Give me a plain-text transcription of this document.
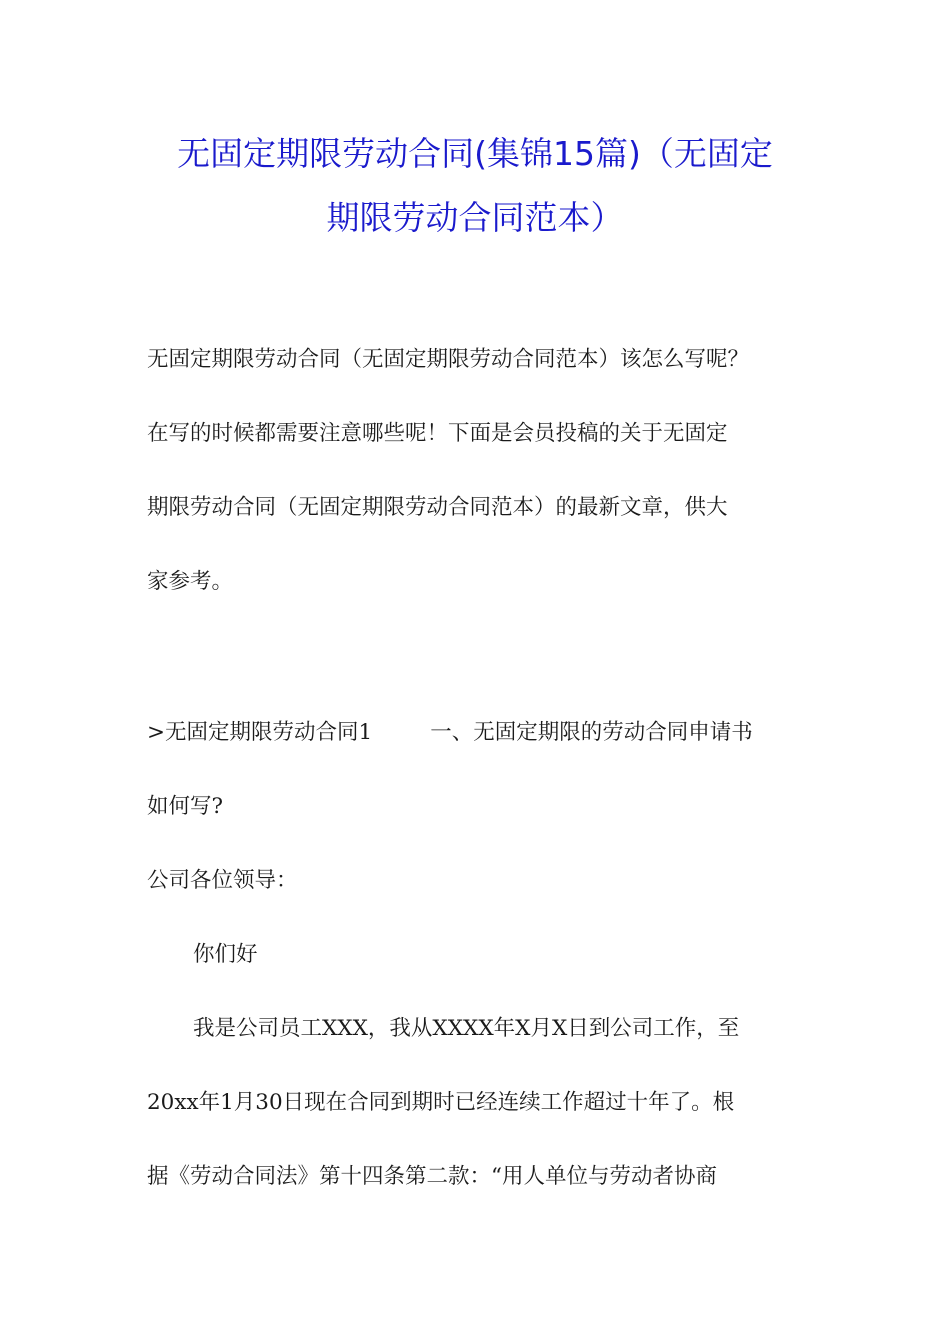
无固定期限劳动合同(集锦15篇)（无固定
期限劳动合同范本）
无固定期限劳动合同（无固定期限劳动合同范本）该怎么写呢？
在写的时候都需要注意哪些呢！下面是会员投稿的关于无固定
期限劳动合同（无固定期限劳动合同范本）的最新文章，供大
家参考。
>无固定期限劳动合同1	一、无固定期限的劳动合同申请书
如何写?
公司各位领导：
你们好
我是公司员工XXX，我从XXXX年X月X日到公司工作，至
20xx年1月30日现在合同到期时已经连续工作超过十年了。根
据《劳动合同法》第十四条第二款：“用人单位与劳动者协商
